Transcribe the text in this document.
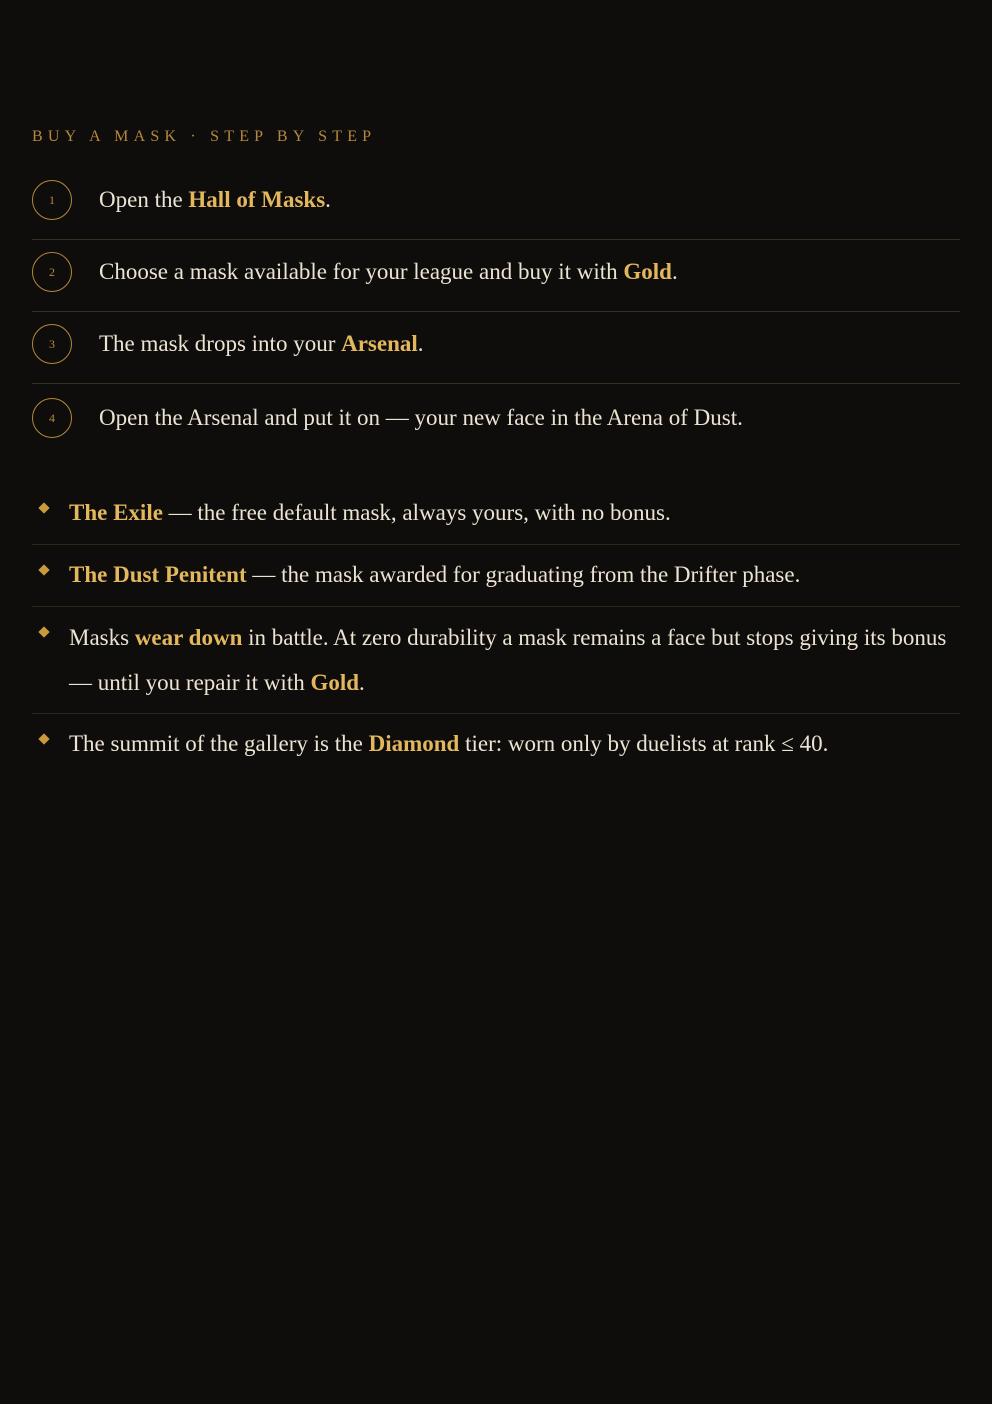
BUY A MASK · STEP BY STEP
1	Open the Hall of Masks.
2	Choose a mask available for your league and buy it with Gold.
3	The mask drops into your Arsenal.
4	Open the Arsenal and put it on — your new face in the Arena of Dust.
The Exile — the free default mask, always yours, with no bonus.
The Dust Penitent — the mask awarded for graduating from the Drifter phase.
Masks wear down in battle. At zero durability a mask remains a face but stops giving its bonus — until you repair it with Gold.
The summit of the gallery is the Diamond tier: worn only by duelists at rank ≤ 40.
